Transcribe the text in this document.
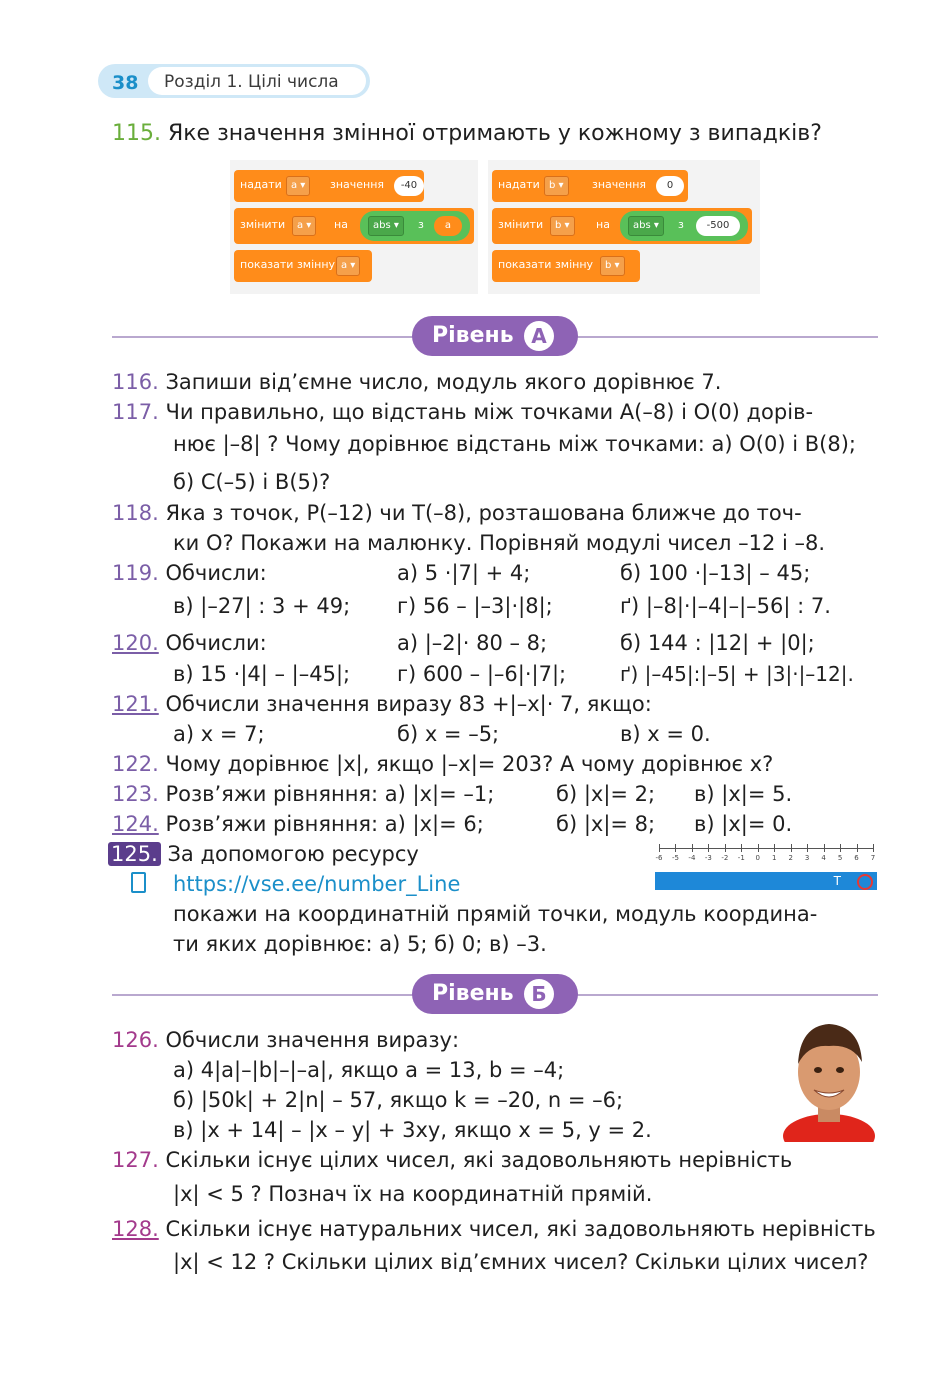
38 Розділ 1. Цілі числа
115. Яке значення змінної отримають у кожному з випадків?
надати a ▾	значення	-40
змінити	a ▾	на	abs ▾	з	a
показати змінну a ▾
надати b ▾	значення	0
змінити	b ▾	на	abs ▾	з	-500
показати змінну	b ▾
Рівень А
116. Запиши від’ємне число, модуль якого дорівнює 7.
117. Чи правильно, що відстань між точками A(–8) і O(0) дорів-
нює |–8| ? Чому дорівнює відстань між точками: а) O(0) і B(8);
б) C(–5) і B(5)?
118. Яка з точок, P(–12) чи T(–8), розташована ближче до точ-
ки O? Покажи на малюнку. Порівняй модулі чисел –12 і –8.
119. Обчисли:	а) 5 ·|7| + 4;	б) 100 ·|–13| – 45;
в) |–27| : 3 + 49; г) 56 – |–3|·|8|;	ґ) |–8|·|–4|–|–56| : 7.
120. Обчисли:	а) |–2|· 80 – 8;	б) 144 : |12| + |0|;
в) 15 ·|4| – |–45|; г) 600 – |–6|·|7|;	ґ) |–45|:|–5| + |3|·|–12|.
121. Обчисли значення виразу 83 +|–x|· 7, якщо:
а) x = 7;	б) x = –5;	в) x = 0.
122. Чому дорівнює |x|, якщо |–x|= 203? А чому дорівнює x?
123. Розв’яжи рівняння: а) |x|= –1;	б) |x|= 2; в) |x|= 5.
124. Розв’яжи рівняння: а) |x|= 6;	б) |x|= 8; в) |x|= 0.
125. За допомогою ресурсу
https://vse.ee/number_Line
покажи на координатній прямій точки, модуль координа-
ти яких дорівнює: а) 5; б) 0; в) –3.
-6	-5	-4	-3	-2	-1	0	1	2	3	4	5	6	7
T
Рівень Б
126. Обчисли значення виразу:
а) 4|a|–|b|–|–a|, якщо a = 13, b = –4;
б) |50k| + 2|n| – 57, якщо k = –20, n = –6;
в) |x + 14| – |x – y| + 3xy, якщо x = 5, y = 2.
127. Скільки існує цілих чисел, які задовольняють нерівність
|x| < 5 ? Познач їх на координатній прямій.
128. Скільки існує натуральних чисел, які задовольняють нерівність
|x| < 12 ? Скільки цілих від’ємних чисел? Скільки цілих чисел?
